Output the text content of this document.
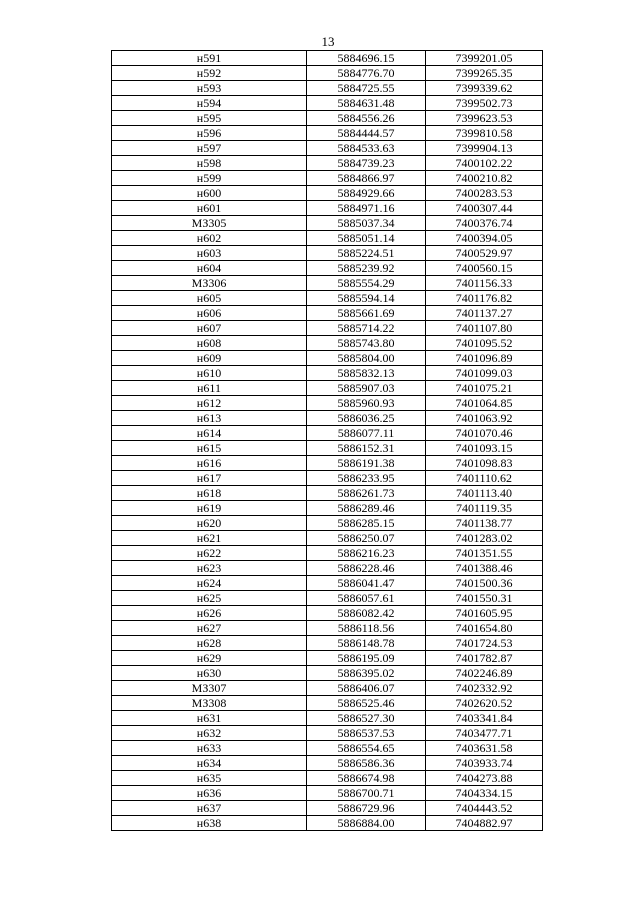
13
н591	5884696.15	7399201.05
н592	5884776.70	7399265.35
н593	5884725.55	7399339.62
н594	5884631.48	7399502.73
н595	5884556.26	7399623.53
н596	5884444.57	7399810.58
н597	5884533.63	7399904.13
н598	5884739.23	7400102.22
н599	5884866.97	7400210.82
н600	5884929.66	7400283.53
н601	5884971.16	7400307.44
МЗ305	5885037.34	7400376.74
н602	5885051.14	7400394.05
н603	5885224.51	7400529.97
н604	5885239.92	7400560.15
МЗ306	5885554.29	7401156.33
н605	5885594.14	7401176.82
н606	5885661.69	7401137.27
н607	5885714.22	7401107.80
н608	5885743.80	7401095.52
н609	5885804.00	7401096.89
н610	5885832.13	7401099.03
н611	5885907.03	7401075.21
н612	5885960.93	7401064.85
н613	5886036.25	7401063.92
н614	5886077.11	7401070.46
н615	5886152.31	7401093.15
н616	5886191.38	7401098.83
н617	5886233.95	7401110.62
н618	5886261.73	7401113.40
н619	5886289.46	7401119.35
н620	5886285.15	7401138.77
н621	5886250.07	7401283.02
н622	5886216.23	7401351.55
н623	5886228.46	7401388.46
н624	5886041.47	7401500.36
н625	5886057.61	7401550.31
н626	5886082.42	7401605.95
н627	5886118.56	7401654.80
н628	5886148.78	7401724.53
н629	5886195.09	7401782.87
н630	5886395.02	7402246.89
МЗ307	5886406.07	7402332.92
МЗ308	5886525.46	7402620.52
н631	5886527.30	7403341.84
н632	5886537.53	7403477.71
н633	5886554.65	7403631.58
н634	5886586.36	7403933.74
н635	5886674.98	7404273.88
н636	5886700.71	7404334.15
н637	5886729.96	7404443.52
н638	5886884.00	7404882.97
